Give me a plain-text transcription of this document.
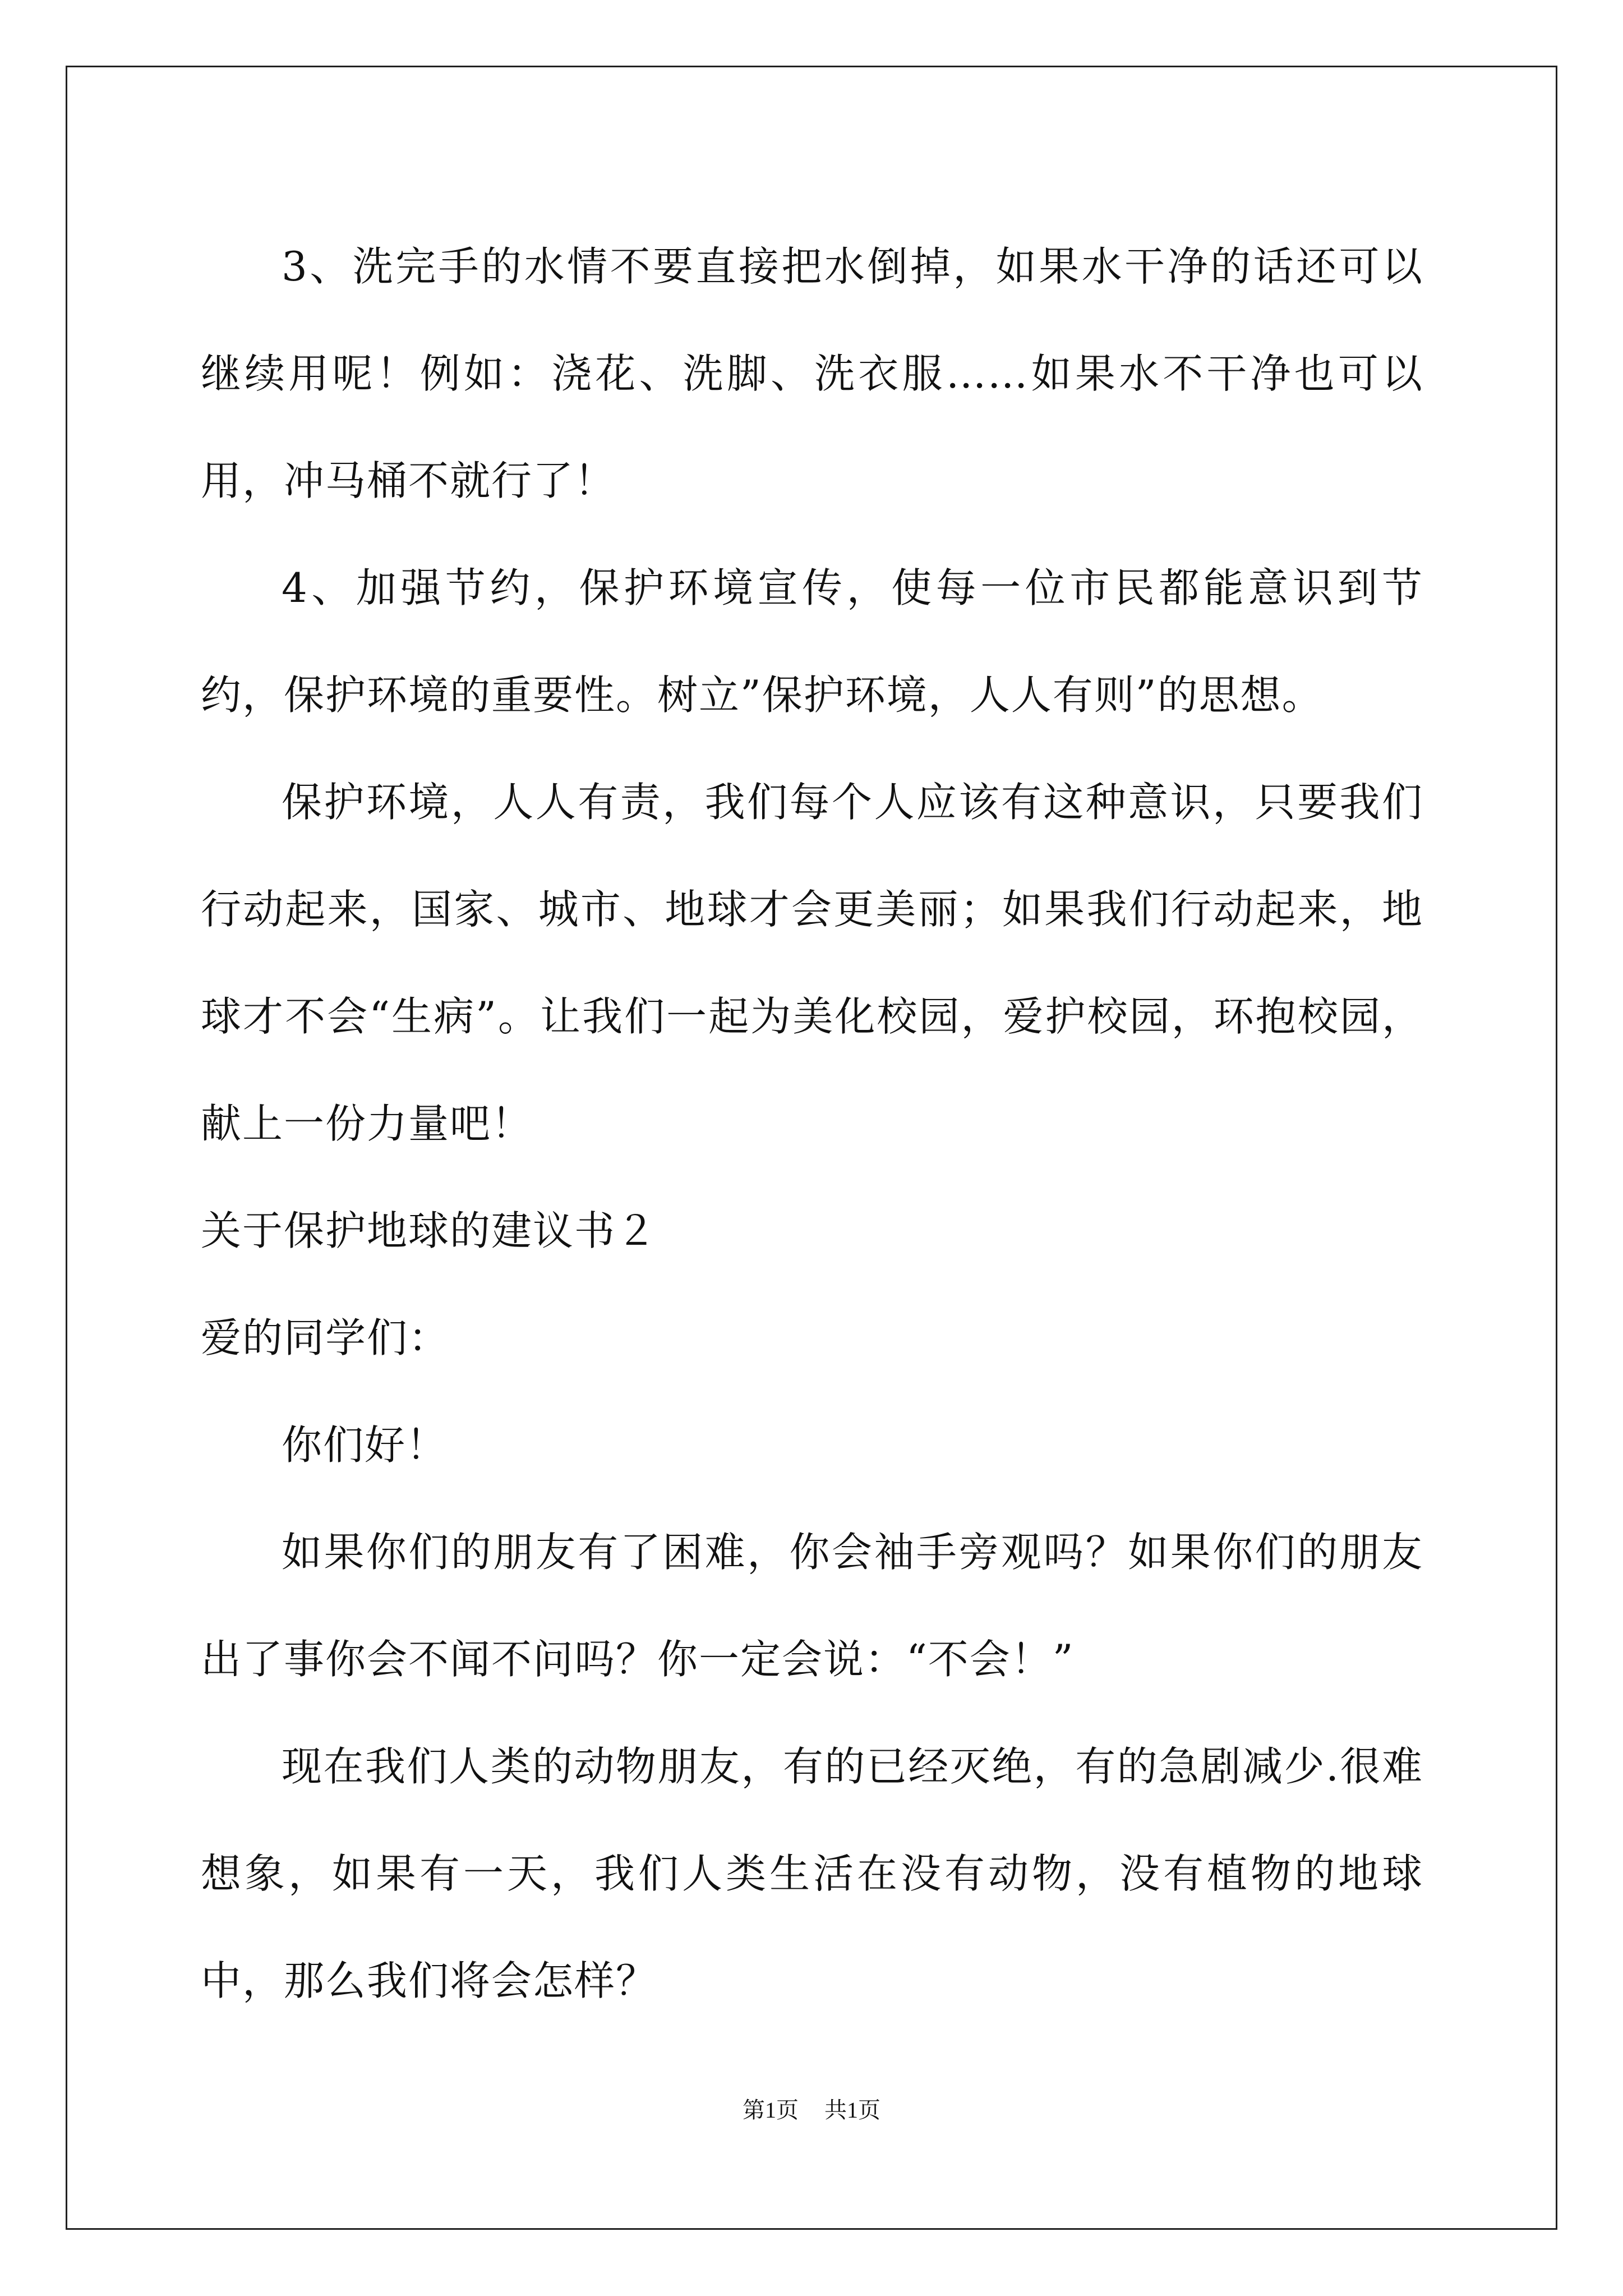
3、洗完手的水情不要直接把水倒掉，如果水干净的话还可以继续用呢！例如：浇花、洗脚、洗衣服……如果水不干净也可以用，冲马桶不就行了！

4、加强节约，保护环境宣传，使每一位市民都能意识到节约，保护环境的重要性。树立”保护环境，人人有则”的思想。

保护环境，人人有责，我们每个人应该有这种意识，只要我们行动起来，国家、城市、地球才会更美丽；如果我们行动起来，地球才不会“生病”。让我们一起为美化校园，爱护校园，环抱校园，献上一份力量吧！

关于保护地球的建议书２

爱的同学们：

你们好！

如果你们的朋友有了困难，你会袖手旁观吗？如果你们的朋友出了事你会不闻不问吗？你一定会说：“不会！”

现在我们人类的动物朋友，有的已经灭绝，有的急剧减少.很难想象，如果有一天，我们人类生活在没有动物，没有植物的地球中，那么我们将会怎样？

第1页 共1页
